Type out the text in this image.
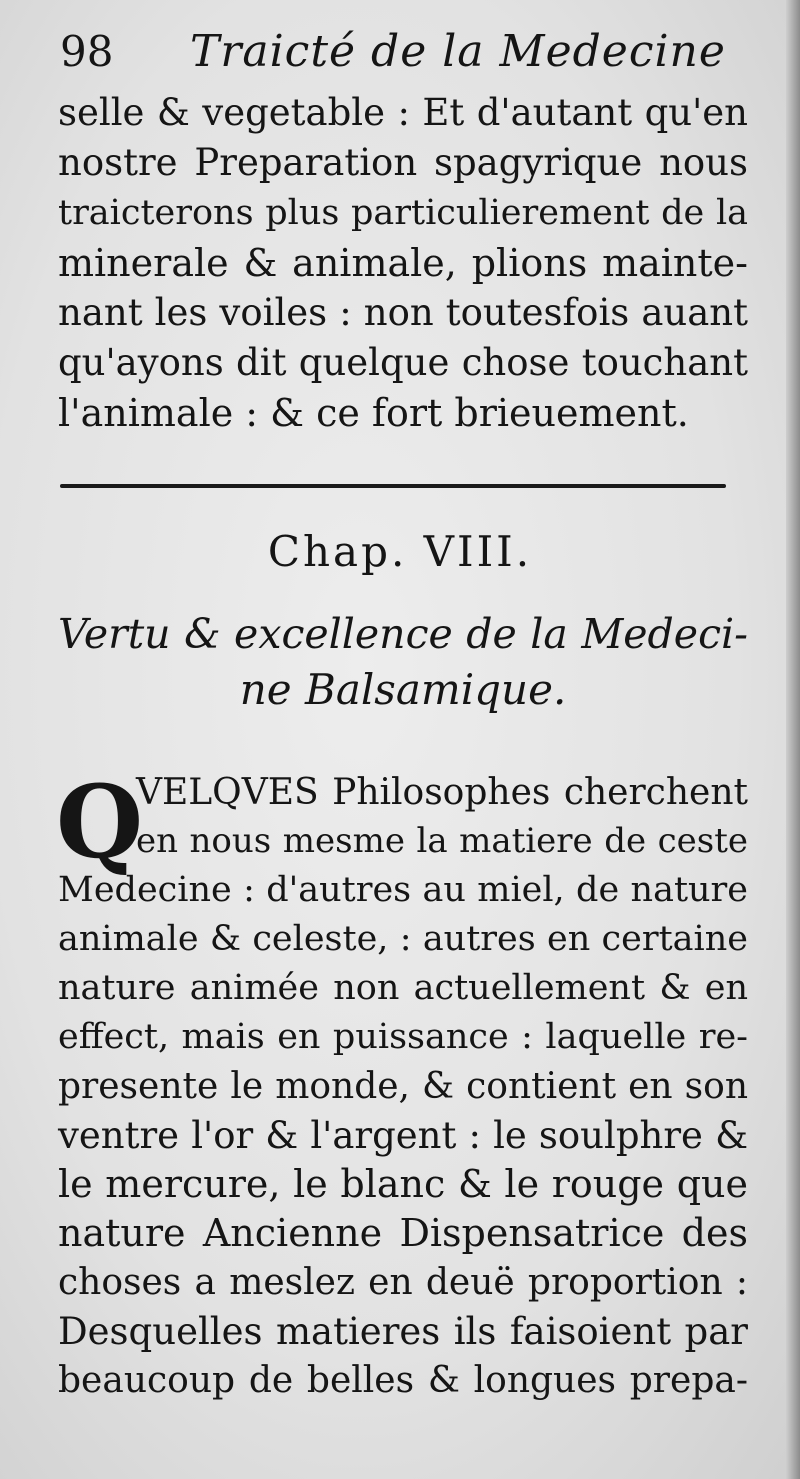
98 Traicté de la Medecine
selle & vegetable : Et d'autant qu'en
nostre Preparation spagyrique nous
traicterons plus particulierement de la
minerale & animale, plions mainte-
nant les voiles : non toutesfois auant
qu'ayons dit quelque chose touchant
l'animale : & ce fort brieuement.
Chap. VIII.
Vertu & excellence de la Medeci-
ne Balsamique.
Q
VELQVES Philosophes cherchent
en nous mesme la matiere de ceste
Medecine : d'autres au miel, de nature
animale & celeste, : autres en certaine
nature animée non actuellement & en
effect, mais en puissance : laquelle re-
presente le monde, & contient en son
ventre l'or & l'argent : le soulphre &
le mercure, le blanc & le rouge que
nature Ancienne Dispensatrice des
choses a meslez en deuë proportion :
Desquelles matieres ils faisoient par
beaucoup de belles & longues prepa-
